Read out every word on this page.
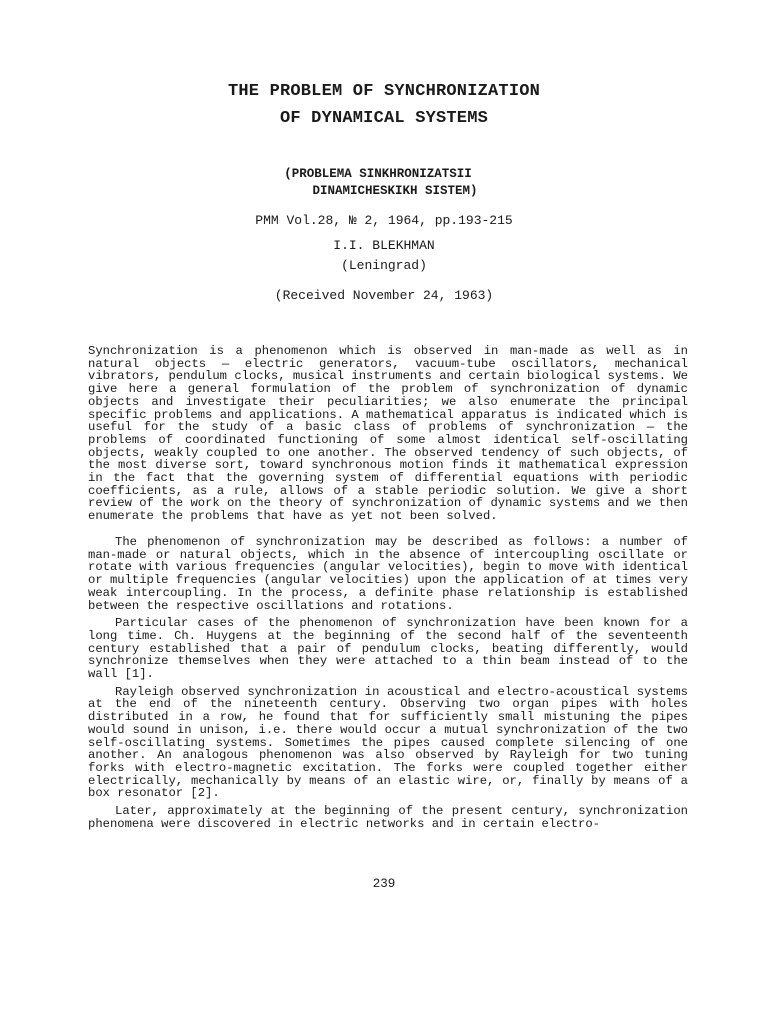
THE PROBLEM OF SYNCHRONIZATION
OF DYNAMICAL SYSTEMS
(PROBLEMA SINKHRONIZATSII
DINAMICHESKIKH SISTEM)
PMM Vol.28, № 2, 1964, pp.193-215
I.I. BLEKHMAN
(Leningrad)
(Received November 24, 1963)
Synchronization is a phenomenon which is observed in man-made as well as in natural objects — electric generators, vacuum-tube oscillators, mechanical vibrators, pendulum clocks, musical instruments and certain biological systems. We give here a general formulation of the problem of synchronization of dynamic objects and investigate their peculiarities; we also enumerate the principal specific problems and applications. A mathematical apparatus is indicated which is useful for the study of a basic class of problems of synchronization — the problems of coordinated functioning of some almost identical self-oscillating objects, weakly coupled to one another. The observed tendency of such objects, of the most diverse sort, toward synchronous motion finds it mathematical expression in the fact that the governing system of differential equations with periodic coefficients, as a rule, allows of a stable periodic solution. We give a short review of the work on the theory of synchronization of dynamic systems and we then enumerate the problems that have as yet not been solved.

The phenomenon of synchronization may be described as follows: a number of man-made or natural objects, which in the absence of intercoupling oscillate or rotate with various frequencies (angular velocities), begin to move with identical or multiple frequencies (angular velocities) upon the application of at times very weak intercoupling. In the process, a definite phase relationship is established between the respective oscillations and rotations.

Particular cases of the phenomenon of synchronization have been known for a long time. Ch. Huygens at the beginning of the second half of the seventeenth century established that a pair of pendulum clocks, beating differently, would synchronize themselves when they were attached to a thin beam instead of to the wall [1].

Rayleigh observed synchronization in acoustical and electro-acoustical systems at the end of the nineteenth century. Observing two organ pipes with holes distributed in a row, he found that for sufficiently small mistuning the pipes would sound in unison, i.e. there would occur a mutual synchronization of the two self-oscillating systems. Sometimes the pipes caused complete silencing of one another. An analogous phenomenon was also observed by Rayleigh for two tuning forks with electro-magnetic excitation. The forks were coupled together either electrically, mechanically by means of an elastic wire, or, finally by means of a box resonator [2].

Later, approximately at the beginning of the present century, synchronization phenomena were discovered in electric networks and in certain electro-

239
